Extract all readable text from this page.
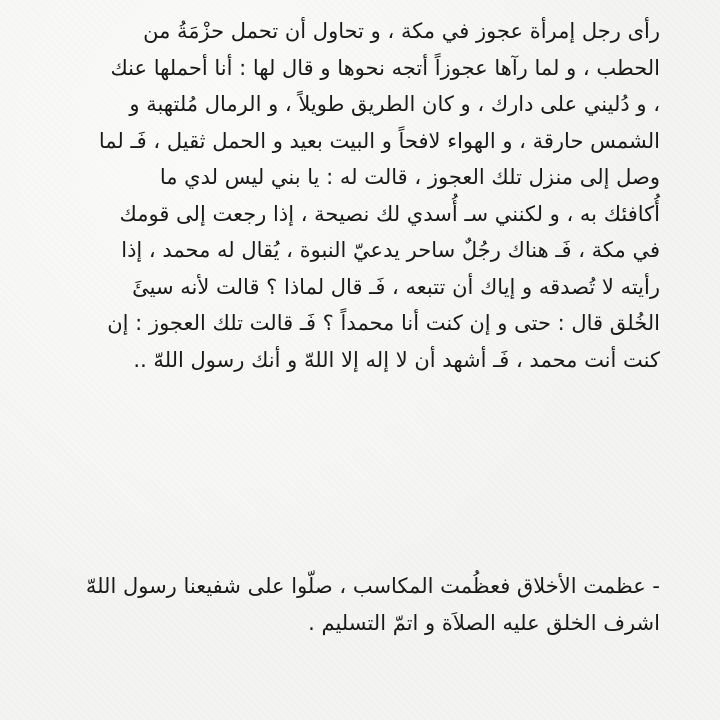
رأى رجل إمرأة عجوز في مكة ، و تحاول أن تحمل حزْمَةُ من
الحطب ، و لما رآها عجوزاً أتجه نحوها و قال لها : أنا أحملها عنك
، و دُليني على دارك ، و كان الطريق طويلاً ، و الرمال مُلتهبة و
الشمس حارقة ، و الهواء لافحاً و البيت بعيد و الحمل ثقيل ، فَـ لما
وصل إلى منزل تلك العجوز ، قالت له : يا بني ليس لدي ما
أُكافئك به ، و لكنني سـ أُسدي لك نصيحة ، إذا رجعت إلى قومك
في مكة ، فَـ هناك رجُلٌ ساحر يدعيّ النبوة ، يُقال له محمد ، إذا
رأيته لا تُصدقه و إياك أن تتبعه ، فَـ قال لماذا ؟ قالت لأنه سيئَ
الخُلق قال : حتى و إن كنت أنا محمداً ؟ فَـ قالت تلك العجوز : إن
كنت أنت محمد ، فَـ أشهد أن لا إله إلا اللهّ و أنك رسول اللهّ ..
- عظمت الأخلاق فعظُمت المكاسب ، صلّوا على شفيعنا رسول اللهّ
اشرف الخلق عليه الصلاَة و اتمّ التسليم .
